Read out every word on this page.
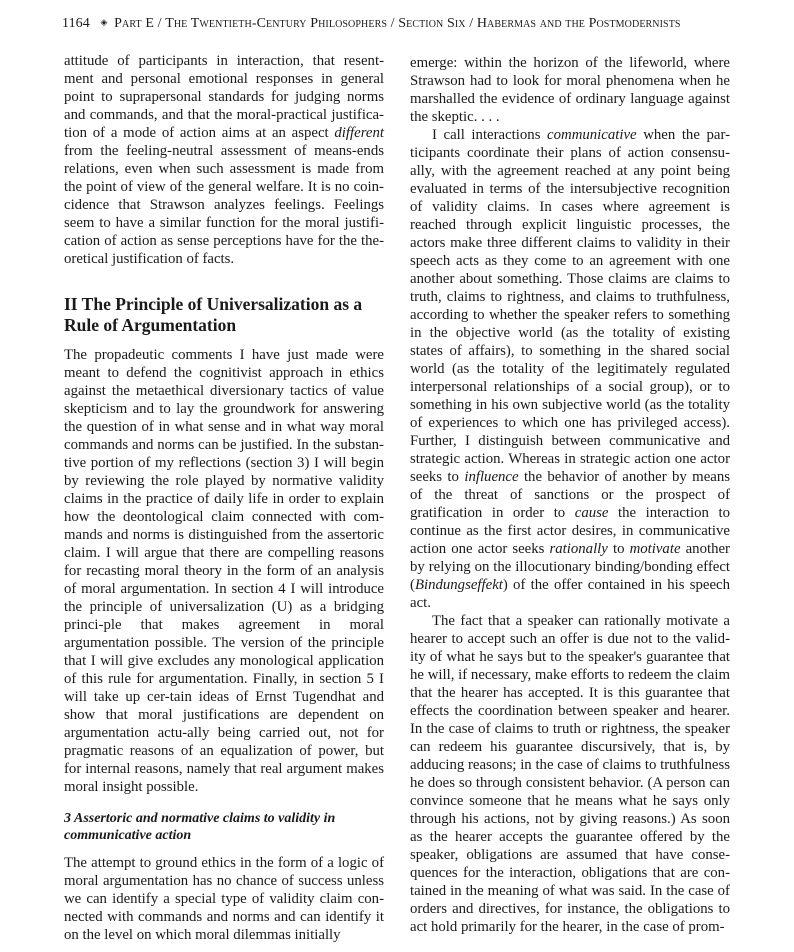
1164 ◈ Part E / The Twentieth-Century Philosophers / Section Six / Habermas and the Postmodernists

attitude of participants in interaction, that resent- ment and personal emotional responses in general point to suprapersonal standards for judging norms and commands, and that the moral-practical justifica-tion of a mode of action aims at an aspect different from the feeling-neutral assessment of means-ends relations, even when such assessment is made from the point of view of the general welfare. It is no coin-cidence that Strawson analyzes feelings. Feelings seem to have a similar function for the moral justifi-cation of action as sense perceptions have for the the-oretical justification of facts.

II The Principle of Universalization as a Rule of Argumentation

The propadeutic comments I have just made were meant to defend the cognitivist approach in ethics against the metaethical diversionary tactics of value skepticism and to lay the groundwork for answering the question of in what sense and in what way moral commands and norms can be justified. In the substan-tive portion of my reflections (section 3) I will begin by reviewing the role played by normative validity claims in the practice of daily life in order to explain how the deontological claim connected with com-mands and norms is distinguished from the assertoric claim. I will argue that there are compelling reasons for recasting moral theory in the form of an analysis of moral argumentation. In section 4 I will introduce the principle of universalization (U) as a bridging princi-ple that makes agreement in moral argumentation possible. The version of the principle that I will give excludes any monological application of this rule for argumentation. Finally, in section 5 I will take up cer-tain ideas of Ernst Tugendhat and show that moral justifications are dependent on argumentation actu-ally being carried out, not for pragmatic reasons of an equalization of power, but for internal reasons, namely that real argument makes moral insight possible.

3 Assertoric and normative claims to validity in communicative action

The attempt to ground ethics in the form of a logic of moral argumentation has no chance of success unless we can identify a special type of validity claim con-nected with commands and norms and can identify it on the level on which moral dilemmas initially

emerge: within the horizon of the lifeworld, where Strawson had to look for moral phenomena when he marshalled the evidence of ordinary language against the skeptic. . . .

I call interactions communicative when the par-ticipants coordinate their plans of action consensu-ally, with the agreement reached at any point being evaluated in terms of the intersubjective recognition of validity claims. In cases where agreement is reached through explicit linguistic processes, the actors make three different claims to validity in their speech acts as they come to an agreement with one another about something. Those claims are claims to truth, claims to rightness, and claims to truthfulness, according to whether the speaker refers to something in the objective world (as the totality of existing states of affairs), to something in the shared social world (as the totality of the legitimately regulated interpersonal relationships of a social group), or to something in his own subjective world (as the totality of experiences to which one has privileged access). Further, I distinguish between communicative and strategic action. Whereas in strategic action one actor seeks to influence the behavior of another by means of the threat of sanctions or the prospect of gratification in order to cause the interaction to continue as the first actor desires, in communicative action one actor seeks rationally to motivate another by relying on the illocutionary binding/bonding effect (Bindungseffekt) of the offer contained in his speech act.

The fact that a speaker can rationally motivate a hearer to accept such an offer is due not to the valid-ity of what he says but to the speaker's guarantee that he will, if necessary, make efforts to redeem the claim that the hearer has accepted. It is this guarantee that effects the coordination between speaker and hearer. In the case of claims to truth or rightness, the speaker can redeem his guarantee discursively, that is, by adducing reasons; in the case of claims to truthfulness he does so through consistent behavior. (A person can convince someone that he means what he says only through his actions, not by giving reasons.) As soon as the hearer accepts the guarantee offered by the speaker, obligations are assumed that have conse-quences for the interaction, obligations that are con-tained in the meaning of what was said. In the case of orders and directives, for instance, the obligations to act hold primarily for the hearer, in the case of prom-
